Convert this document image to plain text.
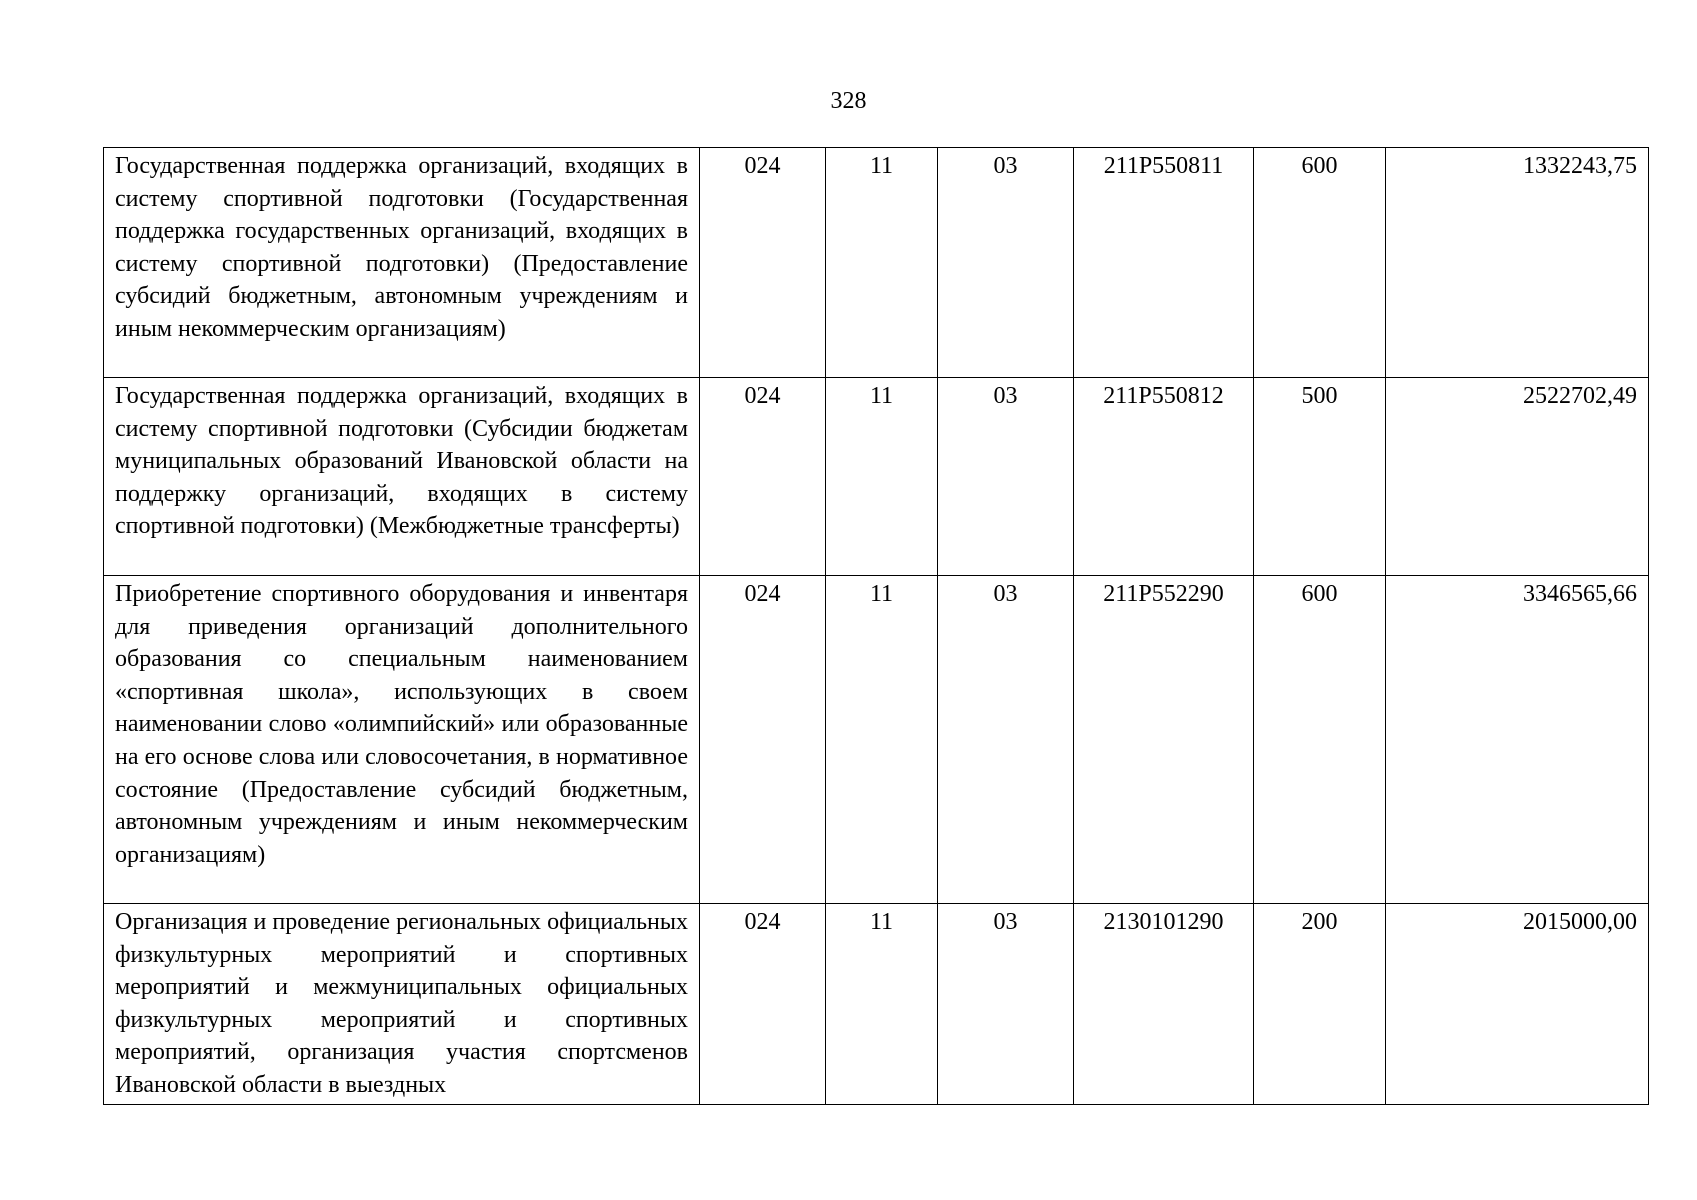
328
Государственная поддержка организаций, входящих в систему спортивной подготовки (Государственная поддержка государственных организаций, входящих в систему спортивной подготовки) (Предоставление субсидий бюджетным, автономным учреждениям и иным некоммерческим организациям)	024	11	03	211Р550811	600	1332243,75
Государственная поддержка организаций, входящих в систему спортивной подготовки (Субсидии бюджетам муниципальных образований Ивановской области на поддержку организаций, входящих в систему спортивной подготовки) (Межбюджетные трансферты)	024	11	03	211Р550812	500	2522702,49
Приобретение спортивного оборудования и инвентаря для приведения организаций дополнительного образования со специальным наименованием «спортивная школа», использующих в своем наименовании слово «олимпийский» или образованные на его основе слова или словосочетания, в нормативное состояние (Предоставление субсидий бюджетным, автономным учреждениям и иным некоммерческим организациям)	024	11	03	211Р552290	600	3346565,66
Организация и проведение региональных официальных физкультурных мероприятий и спортивных мероприятий и межмуниципальных официальных физкультурных мероприятий и спортивных мероприятий, организация участия спортсменов Ивановской области в выездных	024	11	03	2130101290	200	2015000,00
